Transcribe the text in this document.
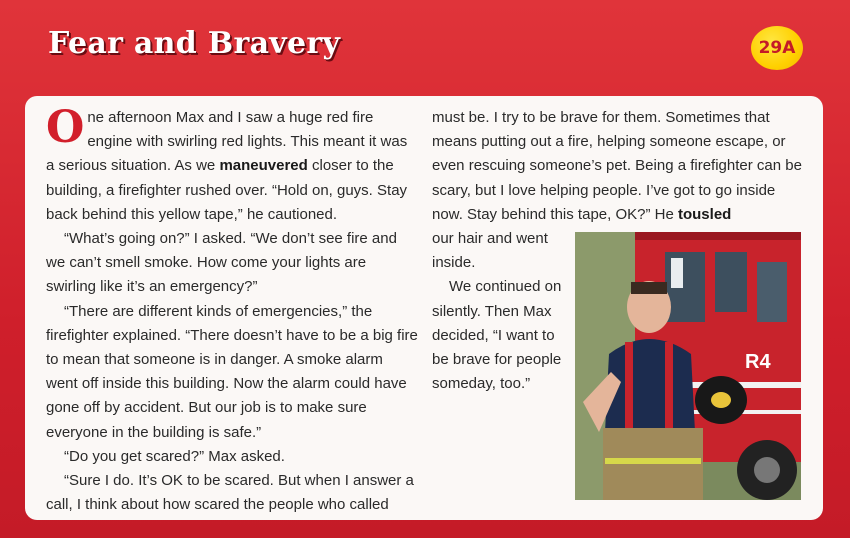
Fear and Bravery	29A

One afternoon Max and I saw a huge red fire engine with swirling red lights. This meant it was a serious situation. As we maneuvered closer to the building, a firefighter rushed over. “Hold on, guys. Stay back behind this yellow tape,” he cautioned.

“What’s going on?” I asked. “We don’t see fire and we can’t smell smoke. How come your lights are swirling like it’s an emergency?”

“There are different kinds of emergencies,” the firefighter explained. “There doesn’t have to be a big fire to mean that someone is in danger. A smoke alarm went off inside this building. Now the alarm could have gone off by accident. But our job is to make sure everyone in the building is safe.”

“Do you get scared?” Max asked.

“Sure I do. It’s OK to be scared. But when I answer a call, I think about how scared the people who called

must be. I try to be brave for them. Sometimes that means putting out a fire, helping someone escape, or even rescuing someone’s pet. Being a firefighter can be scary, but I love helping people. I’ve got to go inside now. Stay behind this tape, OK?” He tousled

our hair and went inside.

We continued on silently. Then Max decided, “I want to be brave for people someday, too.”

R4
